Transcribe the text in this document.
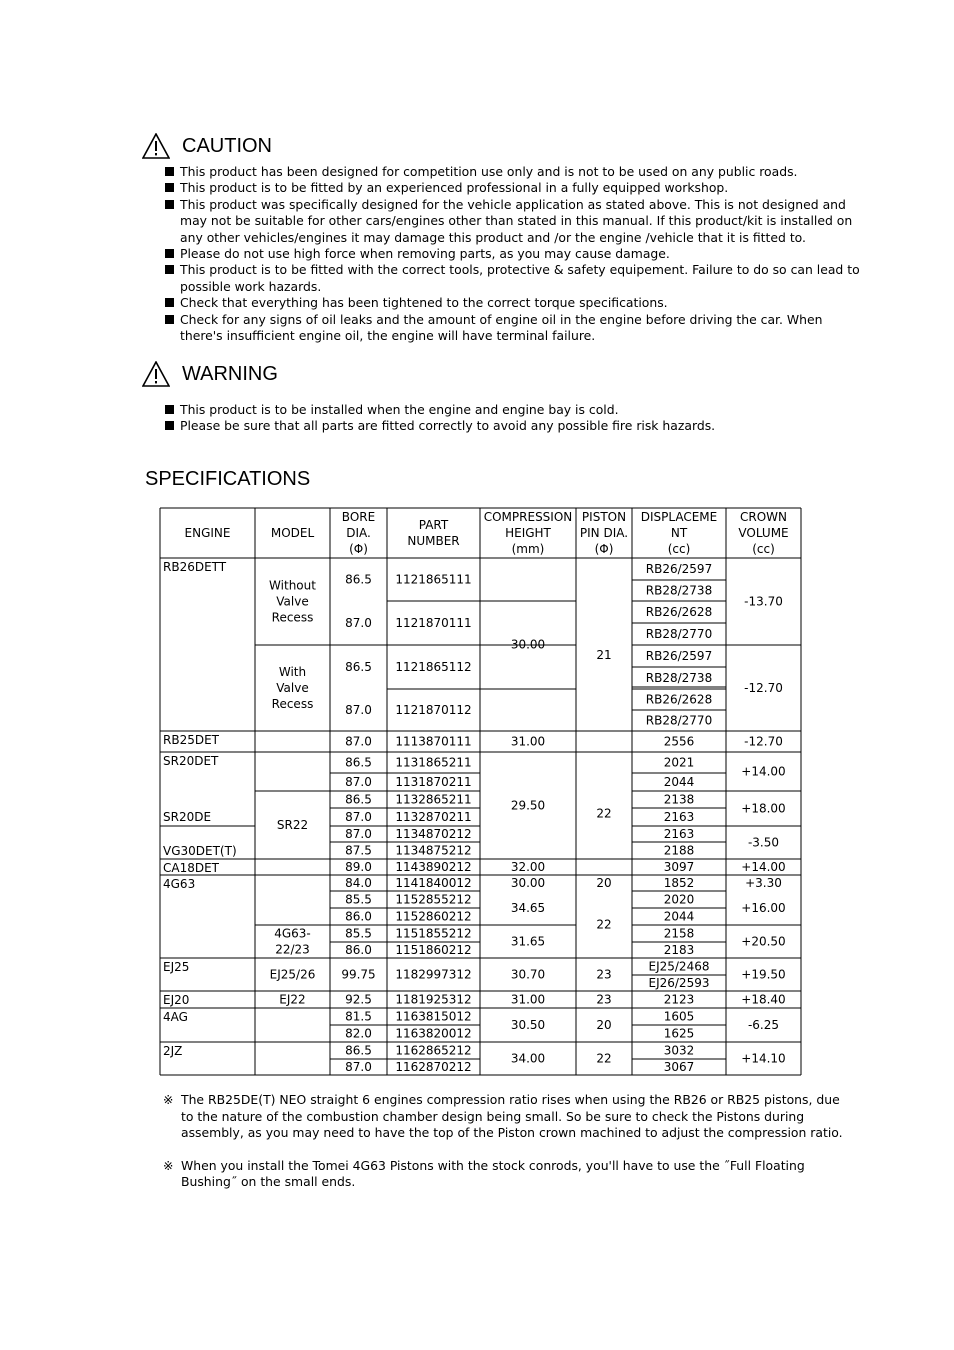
CAUTION
This product has been designed for competition use only and is not to be used on any public roads.
This product is to be fitted by an experienced professional in a fully equipped workshop.
This product was specifically designed for the vehicle application as stated above. This is not designed and may not be suitable for other cars/engines other than stated in this manual. If this product/kit is installed on any other vehicles/engines it may damage this product and /or the engine /vehicle that it is fitted to.
Please do not use high force when removing parts, as you may cause damage.
This product is to be fitted with the correct tools, protective & safety equipement. Failure to do so can lead to possible work hazards.
Check that everything has been tightened to the correct torque specifications.
Check for any signs of oil leaks and the amount of engine oil in the engine before driving the car. When there's insufficient engine oil, the engine will have terminal failure.
WARNING
This product is to be installed when the engine and engine bay is cold.
Please be sure that all parts are fitted correctly to avoid any possible fire risk hazards.
SPECIFICATIONS
ENGINE	MODEL
BORE
DIA.
(Φ)
PART
NUMBER
COMPRESSION
HEIGHT
(mm)
PISTON
PIN DIA.
(Φ)
DISPLACEME
NT
(cc)
CROWN
VOLUME
(cc)
RB26DETT
RB25DET
SR20DET
SR20DE
VG30DET(T)
CA18DET
4G63
EJ25
EJ20
4AG
2JZ
Without
Valve
Recess
With
Valve
Recess
SR22
4G63-
22/23
EJ25/26
EJ22
86.5
87.0
86.5
87.0
87.0
86.5
87.0
86.5
87.0
87.0
87.5
89.0
84.0
85.5
86.0
85.5
86.0
99.75
92.5
81.5
82.0
86.5
87.0
1121865111
1121870111
1121865112
1121870112
1113870111
1131865211
1131870211
1132865211
1132870211
1134870212
1134875212
1143890212
1141840012
1152855212
1152860212
1151855212
1151860212
1182997312
1181925312
1163815012
1163820012
1162865212
1162870212
30.00
31.00
29.50
32.00
30.00
34.65
31.65
30.70
31.00
30.50
34.00
21
22
20
22
23
23
20
22
RB26/2597
RB28/2738
RB26/2628
RB28/2770
RB26/2597
RB28/2738
RB26/2628
RB28/2770
2556
2021
2044
2138
2163
2163
2188
3097
1852
2020
2044
2158
2183
EJ25/2468
EJ26/2593
2123
1605
1625
3032
3067
-13.70
-12.70
-12.70
+14.00
+18.00
-3.50
+14.00
+3.30
+16.00
+20.50
+19.50
+18.40
-6.25
+14.10
※ The RB25DE(T) NEO straight 6 engines compression ratio rises when using the RB26 or RB25 pistons, due to the nature of the combustion chamber design being small. So be sure to check the Pistons during assembly, as you may need to have the top of the Piston crown machined to adjust the compression ratio.
※ When you install the Tomei 4G63 Pistons with the stock conrods, you'll have to use the ˝Full Floating Bushing˝ on the small ends.
